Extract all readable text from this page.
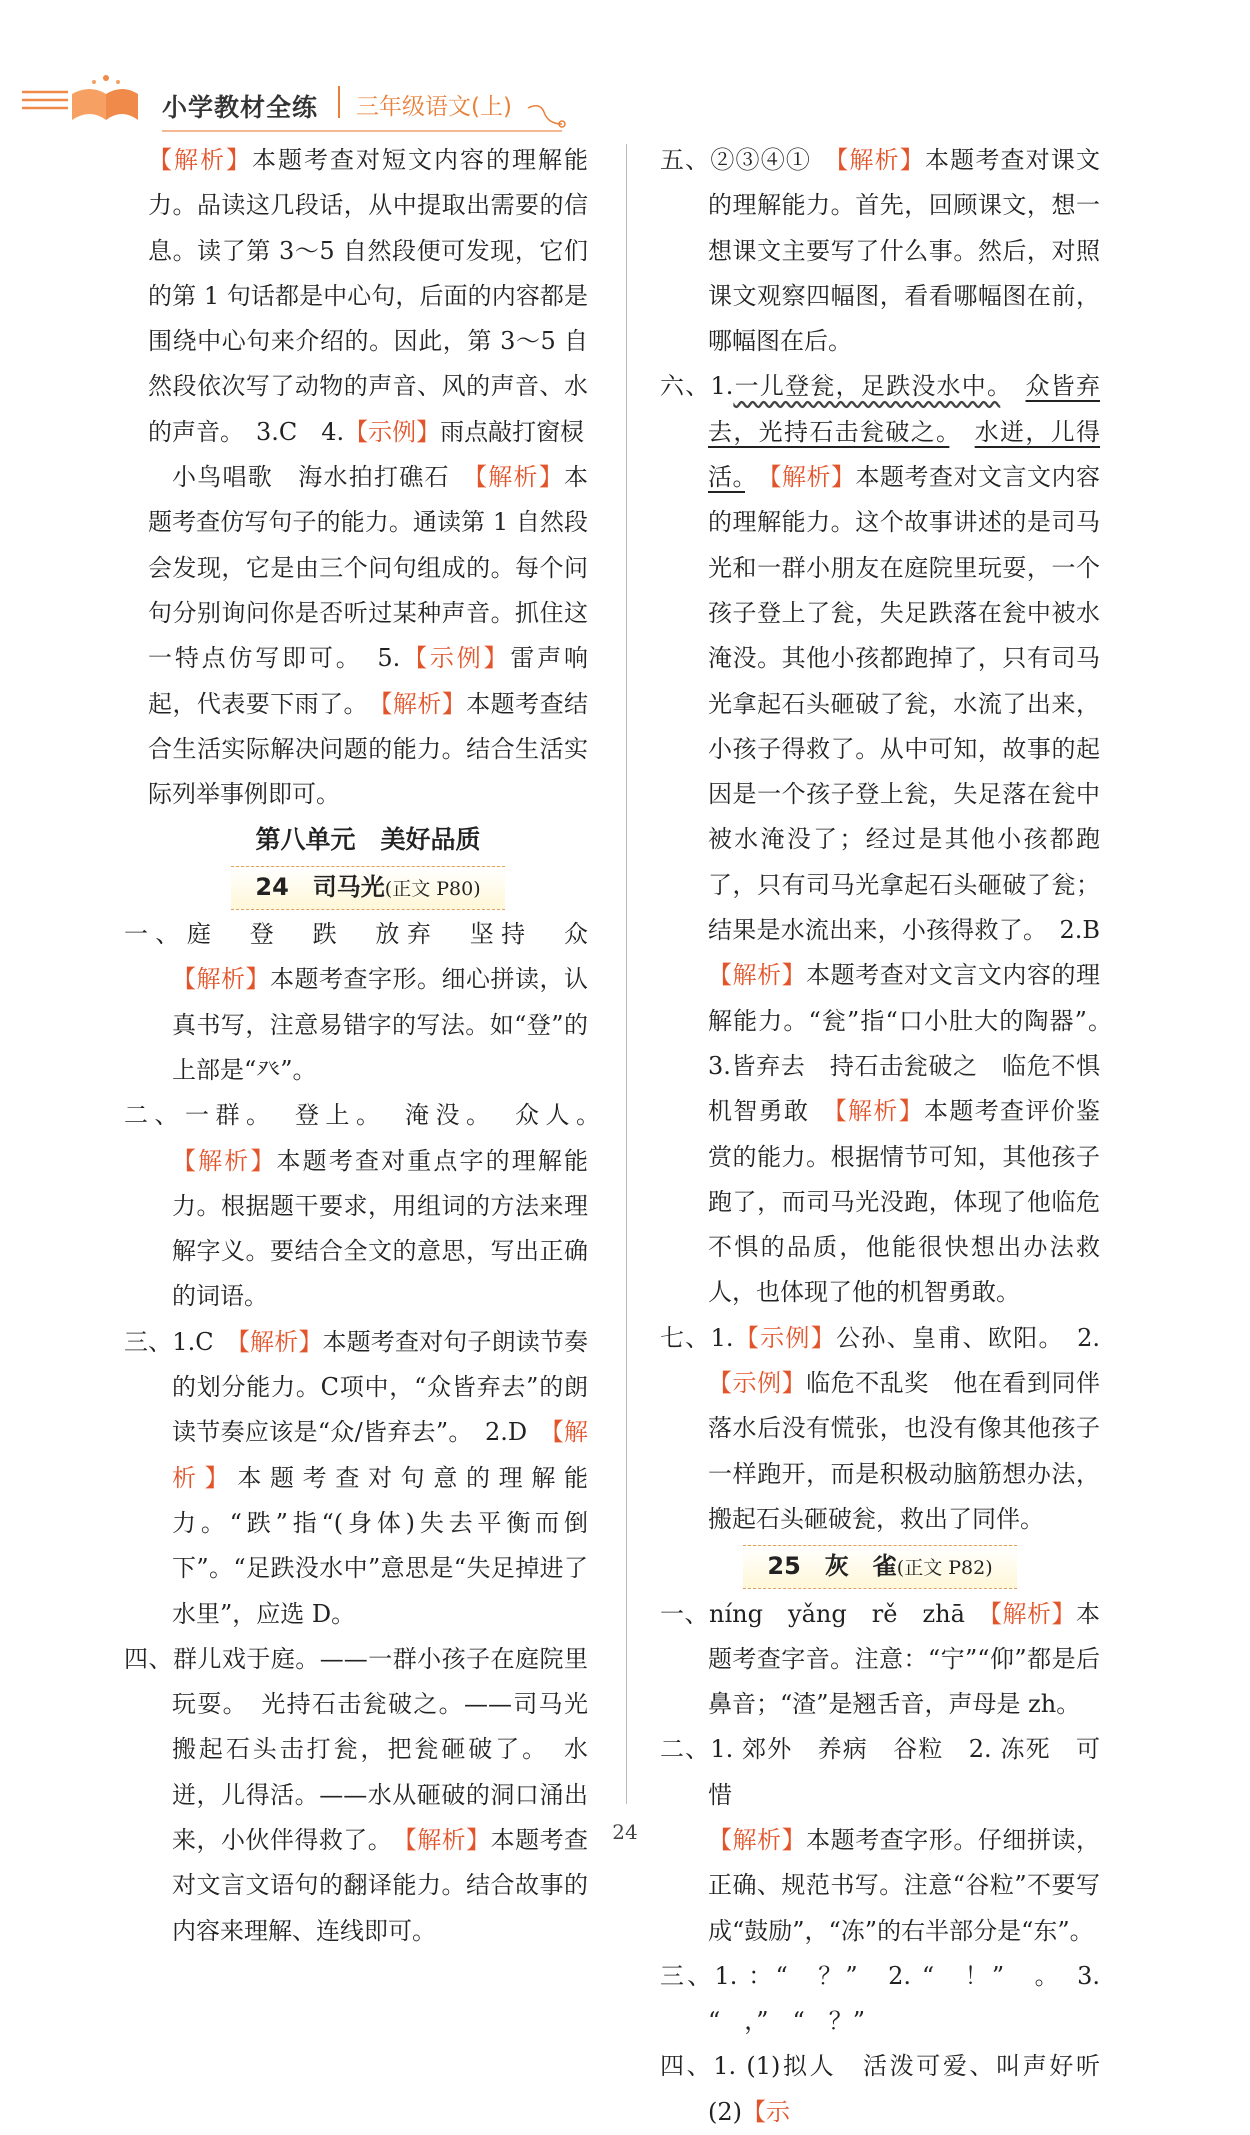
小学教材全练 三年级语文(上)

【解析】本题考查对短文内容的理解能力。品读这几段话，从中提取出需要的信息。读了第 3～5 自然段便可发现，它们的第 1 句话都是中心句，后面的内容都是围绕中心句来介绍的。因此，第 3～5 自然段依次写了动物的声音、风的声音、水的声音。　3.C　4.【示例】雨点敲打窗棂

小鸟唱歌　海水拍打礁石　 【解析】本题考查仿写句子的能力。通读第 1 自然段会发现，它是由三个问句组成的。每个问句分别询问你是否听过某种声音。抓住这一特点仿写即可。　5.【示例】雷声响起，代表要下雨了。　 【解析】本题考查结合生活实际解决问题的能力。结合生活实际列举事例即可。

第八单元　美好品质

24　 司马光(正文 P80)

一、庭　登　跌　放弃　坚持　众　【解析】本题考查字形。细心拼读，认真书写，注意易错字的写法。如“登”的上部是“癶”。

二、一群。　登上。　淹没。　众人。　【解析】本题考查对重点字的理解能力。根据题干要求，用组词的方法来理解字义。要结合全文的意思，写出正确的词语。

三、1.C　 【解析】本题考查对句子朗读节奏的划分能力。C项中，“众皆弃去”的朗读节奏应该是“众/皆弃去”。　2.D　 【解析】本题考查对句意的理解能力。“跌”指“(身体)失去平衡而倒下”。“足跌没水中”意思是“失足掉进了水里”，应选 D。

四、群儿戏于庭。——一群小孩子在庭院里玩耍。　光持石击瓮破之。——司马光搬起石头击打瓮，把瓮砸破了。　水迸，儿得活。——水从砸破的洞口涌出来，小伙伴得救了。　 【解析】本题考查对文言文语句的翻译能力。结合故事的内容来理解、连线即可。

五、②③④①　 【解析】本题考查对课文的理解能力。首先，回顾课文，想一想课文主要写了什么事。然后，对照课文观察四幅图，看看哪幅图在前，哪幅图在后。

六、1.一儿登瓮，足跌没水中。　 众皆弃去，光持石击瓮破之。　 水迸，儿得活。　 【解析】本题考查对文言文内容的理解能力。这个故事讲述的是司马光和一群小朋友在庭院里玩耍，一个孩子登上了瓮，失足跌落在瓮中被水淹没。其他小孩都跑掉了，只有司马光拿起石头砸破了瓮，水流了出来，小孩子得救了。从中可知，故事的起因是一个孩子登上瓮，失足落在瓮中被水淹没了；经过是其他小孩都跑了，只有司马光拿起石头砸破了瓮；结果是水流出来，小孩得救了。　2.B【解析】本题考查对文言文内容的理解能力。“瓮”指“口小肚大的陶器”。　3.皆弃去　持石击瓮破之　临危不惧　机智勇敢　 【解析】本题考查评价鉴赏的能力。根据情节可知，其他孩子跑了，而司马光没跑，体现了他临危不惧的品质，他能很快想出办法救人，也体现了他的机智勇敢。

七、1.【示例】公孙、皇甫、欧阳。　2.【示例】临危不乱奖　他在看到同伴落水后没有慌张，也没有像其他孩子一样跑开，而是积极动脑筋想办法，搬起石头砸破瓮，救出了同伴。

25　 灰　雀(正文 P82)

一、níng　yǎng　rě　zhā　 【解析】本题考查字音。注意：“宁”“仰”都是后鼻音；“渣”是翘舌音，声母是 zh。

二、1. 郊外　养病　谷粒　2. 冻死　可惜
【解析】本题考查字形。仔细拼读，正确、规范书写。注意“谷粒”不要写成“鼓励”，“冻”的右半部分是“东”。

三、1. ：“　？”　2. “　！”　。　3. “　，”　“　？”

四、1. (1)拟人　活泼可爱、叫声好听　(2)【示

24
